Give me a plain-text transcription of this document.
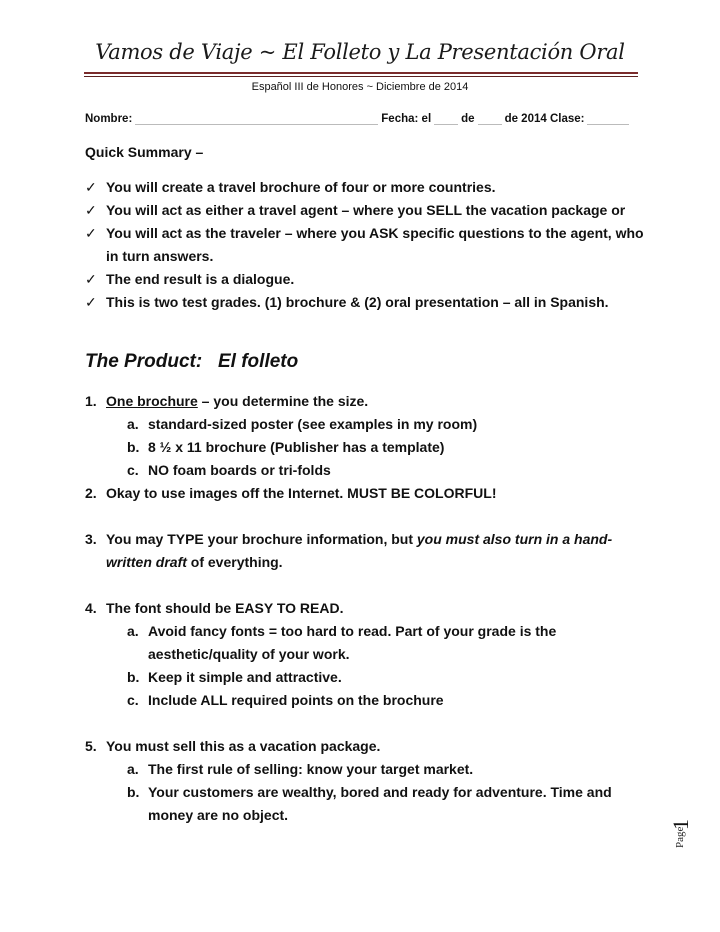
Vamos de Viaje ~ El Folleto y La Presentación Oral
Español III de Honores ~ Diciembre de 2014
Nombre:	Fecha: el	de	de 2014 Clase:
Quick Summary –
✓ You will create a travel brochure of four or more countries.
✓ You will act as either a travel agent – where you SELL the vacation package or
✓ You will act as the traveler – where you ASK specific questions to the agent, who in turn answers.
✓ The end result is a dialogue.
✓ This is two test grades. (1) brochure & (2) oral presentation – all in Spanish.
The Product:   El folleto
1. One brochure – you determine the size.
a. standard-sized poster (see examples in my room)
b. 8 ½ x 11 brochure (Publisher has a template)
c. NO foam boards or tri-folds
2. Okay to use images off the Internet. MUST BE COLORFUL!
3. You may TYPE your brochure information, but you must also turn in a hand-written draft of everything.
4. The font should be EASY TO READ.
a. Avoid fancy fonts = too hard to read. Part of your grade is the aesthetic/quality of your work.
b. Keep it simple and attractive.
c. Include ALL required points on the brochure
5. You must sell this as a vacation package.
a. The first rule of selling: know your target market.
b. Your customers are wealthy, bored and ready for adventure. Time and money are no object.
1
Page
